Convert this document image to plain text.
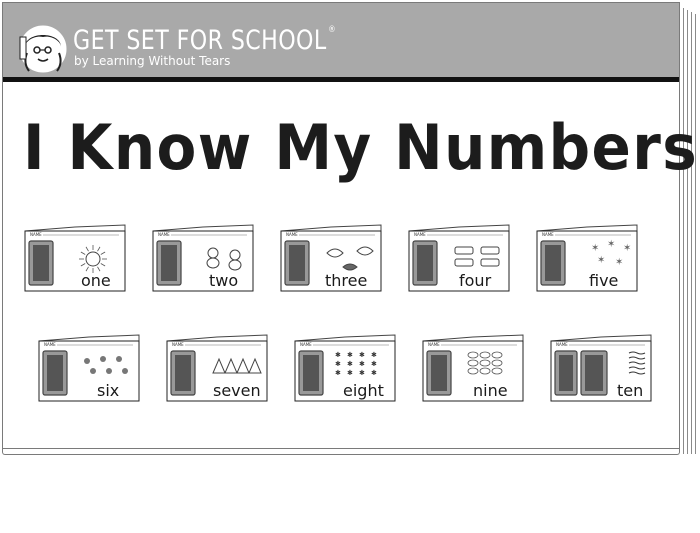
GET SET FOR SCHOOL ®
by Learning Without Tears
I Know My Numbers
NAME
one
NAME
two
NAME
three
NAME
four
✶ ✶ ✶
✶ ✶
NAME
five
NAME
six
NAME
seven
✱ ✱ ✱ ✱
✱ ✱ ✱ ✱
✱ ✱ ✱ ✱
NAME
eight
NAME
nine
NAME
ten
